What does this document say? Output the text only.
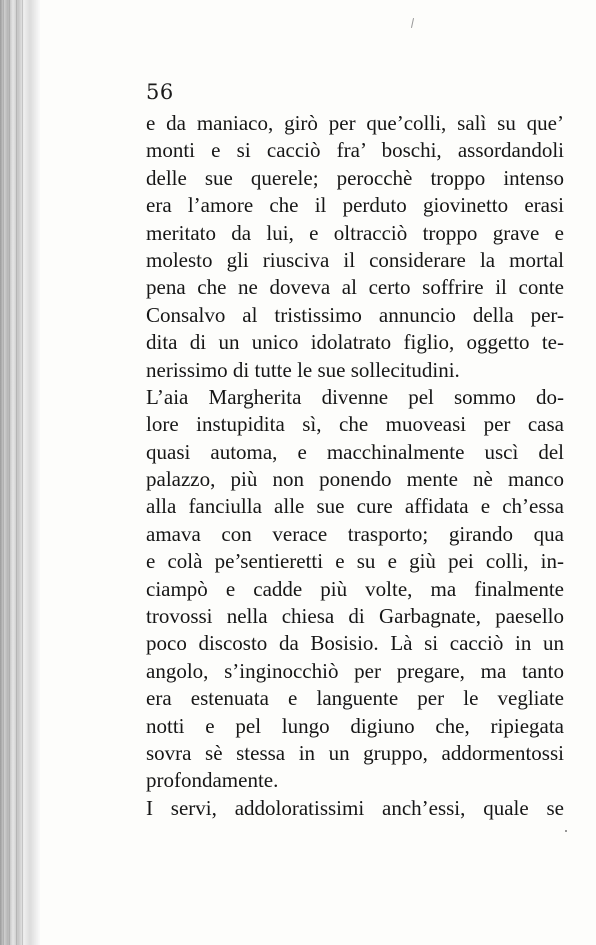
56
e da maniaco, girò per que’colli, salì su que’
monti e si cacciò fra’ boschi, assordandoli
delle sue querele; perocchè troppo intenso
era l’amore che il perduto giovinetto erasi
meritato da lui, e oltracciò troppo grave e
molesto gli riusciva il considerare la mortal
pena che ne doveva al certo soffrire il conte
Consalvo al tristissimo annuncio della per-
dita di un unico idolatrato figlio, oggetto te-
nerissimo di tutte le sue sollecitudini.
L’aia Margherita divenne pel sommo do-
lore instupidita sì, che muoveasi per casa
quasi automa, e macchinalmente uscì del
palazzo, più non ponendo mente nè manco
alla fanciulla alle sue cure affidata e ch’essa
amava con verace trasporto; girando qua
e colà pe’sentieretti e su e giù pei colli, in-
ciampò e cadde più volte, ma finalmente
trovossi nella chiesa di Garbagnate, paesello
poco discosto da Bosisio. Là si cacciò in un
angolo, s’inginocchiò per pregare, ma tanto
era estenuata e languente per le vegliate
notti e pel lungo digiuno che, ripiegata
sovra sè stessa in un gruppo, addormentossi
profondamente.
I servi, addoloratissimi anch’essi, quale se
